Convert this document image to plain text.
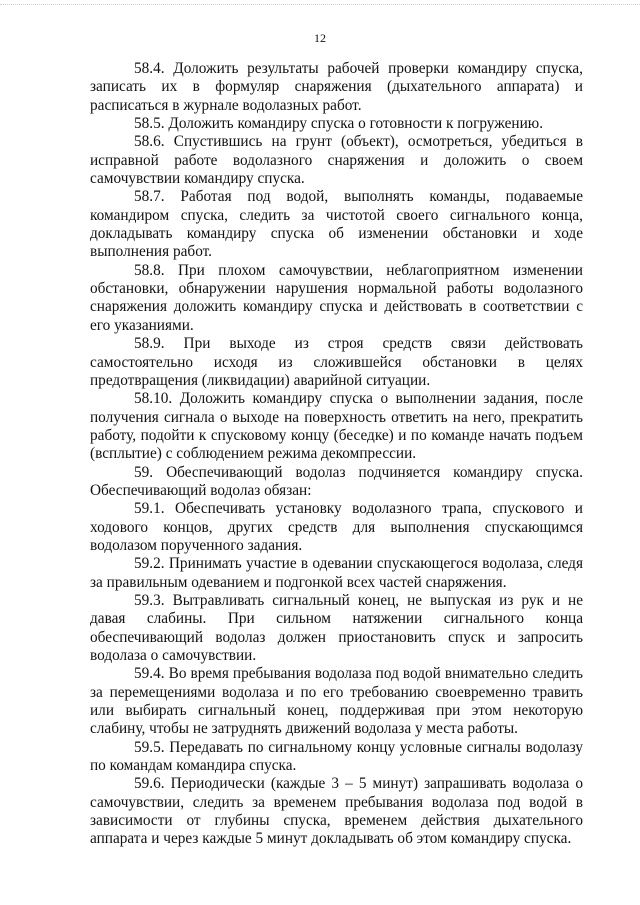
12

58.4. Доложить результаты рабочей проверки командиру спуска, записать их в формуляр снаряжения (дыхательного аппарата) и расписаться в журнале водолазных работ.

58.5. Доложить командиру спуска о готовности к погружению.

58.6. Спустившись на грунт (объект), осмотреться, убедиться в исправной работе водолазного снаряжения и доложить о своем самочувствии командиру спуска.

58.7. Работая под водой, выполнять команды, подаваемые командиром спуска, следить за чистотой своего сигнального конца, докладывать командиру спуска об изменении обстановки и ходе выполнения работ.

58.8. При плохом самочувствии, неблагоприятном изменении обстановки, обнаружении нарушения нормальной работы водолазного снаряжения доложить командиру спуска и действовать в соответствии с его указаниями.

58.9. При выходе из строя средств связи действовать самостоятельно исходя из сложившейся обстановки в целях предотвращения (ликвидации) аварийной ситуации.

58.10. Доложить командиру спуска о выполнении задания, после получения сигнала о выходе на поверхность ответить на него, прекратить работу, подойти к спусковому концу (беседке) и по команде начать подъем (всплытие) с соблюдением режима декомпрессии.

59. Обеспечивающий водолаз подчиняется командиру спуска. Обеспечивающий водолаз обязан:

59.1. Обеспечивать установку водолазного трапа, спускового и ходового концов, других средств для выполнения спускающимся водолазом порученного задания.

59.2. Принимать участие в одевании спускающегося водолаза, следя за правильным одеванием и подгонкой всех частей снаряжения.

59.3. Вытравливать сигнальный конец, не выпуская из рук и не давая слабины. При сильном натяжении сигнального конца обеспечивающий водолаз должен приостановить спуск и запросить водолаза о самочувствии.

59.4. Во время пребывания водолаза под водой внимательно следить за перемещениями водолаза и по его требованию своевременно травить или выбирать сигнальный конец, поддерживая при этом некоторую слабину, чтобы не затруднять движений водолаза у места работы.

59.5. Передавать по сигнальному концу условные сигналы водолазу по командам командира спуска.

59.6. Периодически (каждые 3 – 5 минут) запрашивать водолаза о самочувствии, следить за временем пребывания водолаза под водой в зависимости от глубины спуска, временем действия дыхательного аппарата и через каждые 5 минут докладывать об этом командиру спуска.
